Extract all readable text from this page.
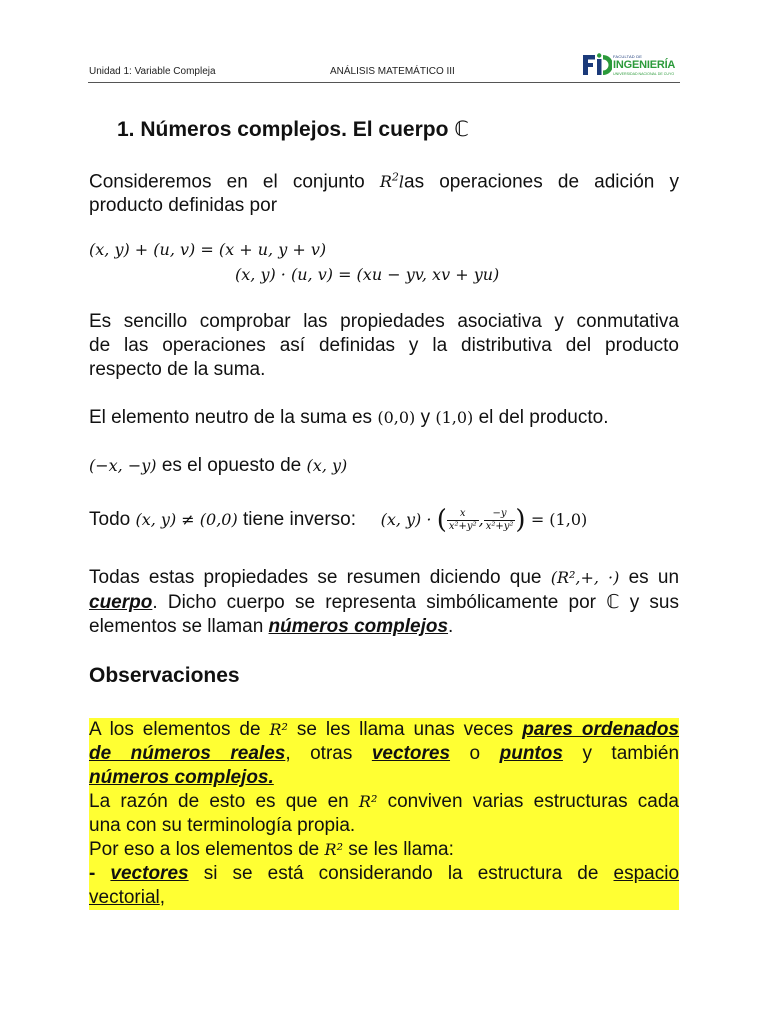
Unidad 1: Variable Compleja	ANÁLISIS MATEMÁTICO III
FACULTAD DE
INGENIERÍA
UNIVERSIDAD NACIONAL DE CUYO
1. Números complejos. El cuerpo ℂ
Consideremos en el conjunto $R^2las$ operaciones de adición y
producto definidas por
(x, y) + (u, v) = (x + u, y + v)
(x, y) · (u, v) = (xu − yv, xv + yu)
Es sencillo comprobar las propiedades asociativa y conmutativa
de las operaciones así definidas y la distributiva del producto
respecto de la suma.
El elemento neutro de la suma es (0,0) y (1,0) el del producto.
(−x, −y) es el opuesto de (x, y)
Todo (x, y) ≠ (0,0) tiene inverso: (x, y) · ( $\frac{x}{\text{x²+y²}}$ , $\frac{-y}{\text{x²+y²}}$ ) = (1,0)
Todas estas propiedades se resumen diciendo que (R²,+, ·) es un
cuerpo. Dicho cuerpo se representa simbólicamente por ℂ y sus
elementos se llaman números complejos.
Observaciones
A los elementos de R² se les llama unas veces pares ordenados
de números reales, otras vectores o puntos y también
números complejos.
La razón de esto es que en R² conviven varias estructuras cada
una con su terminología propia.
Por eso a los elementos de R² se les llama:
- vectores si se está considerando la estructura de espacio
vectorial,
